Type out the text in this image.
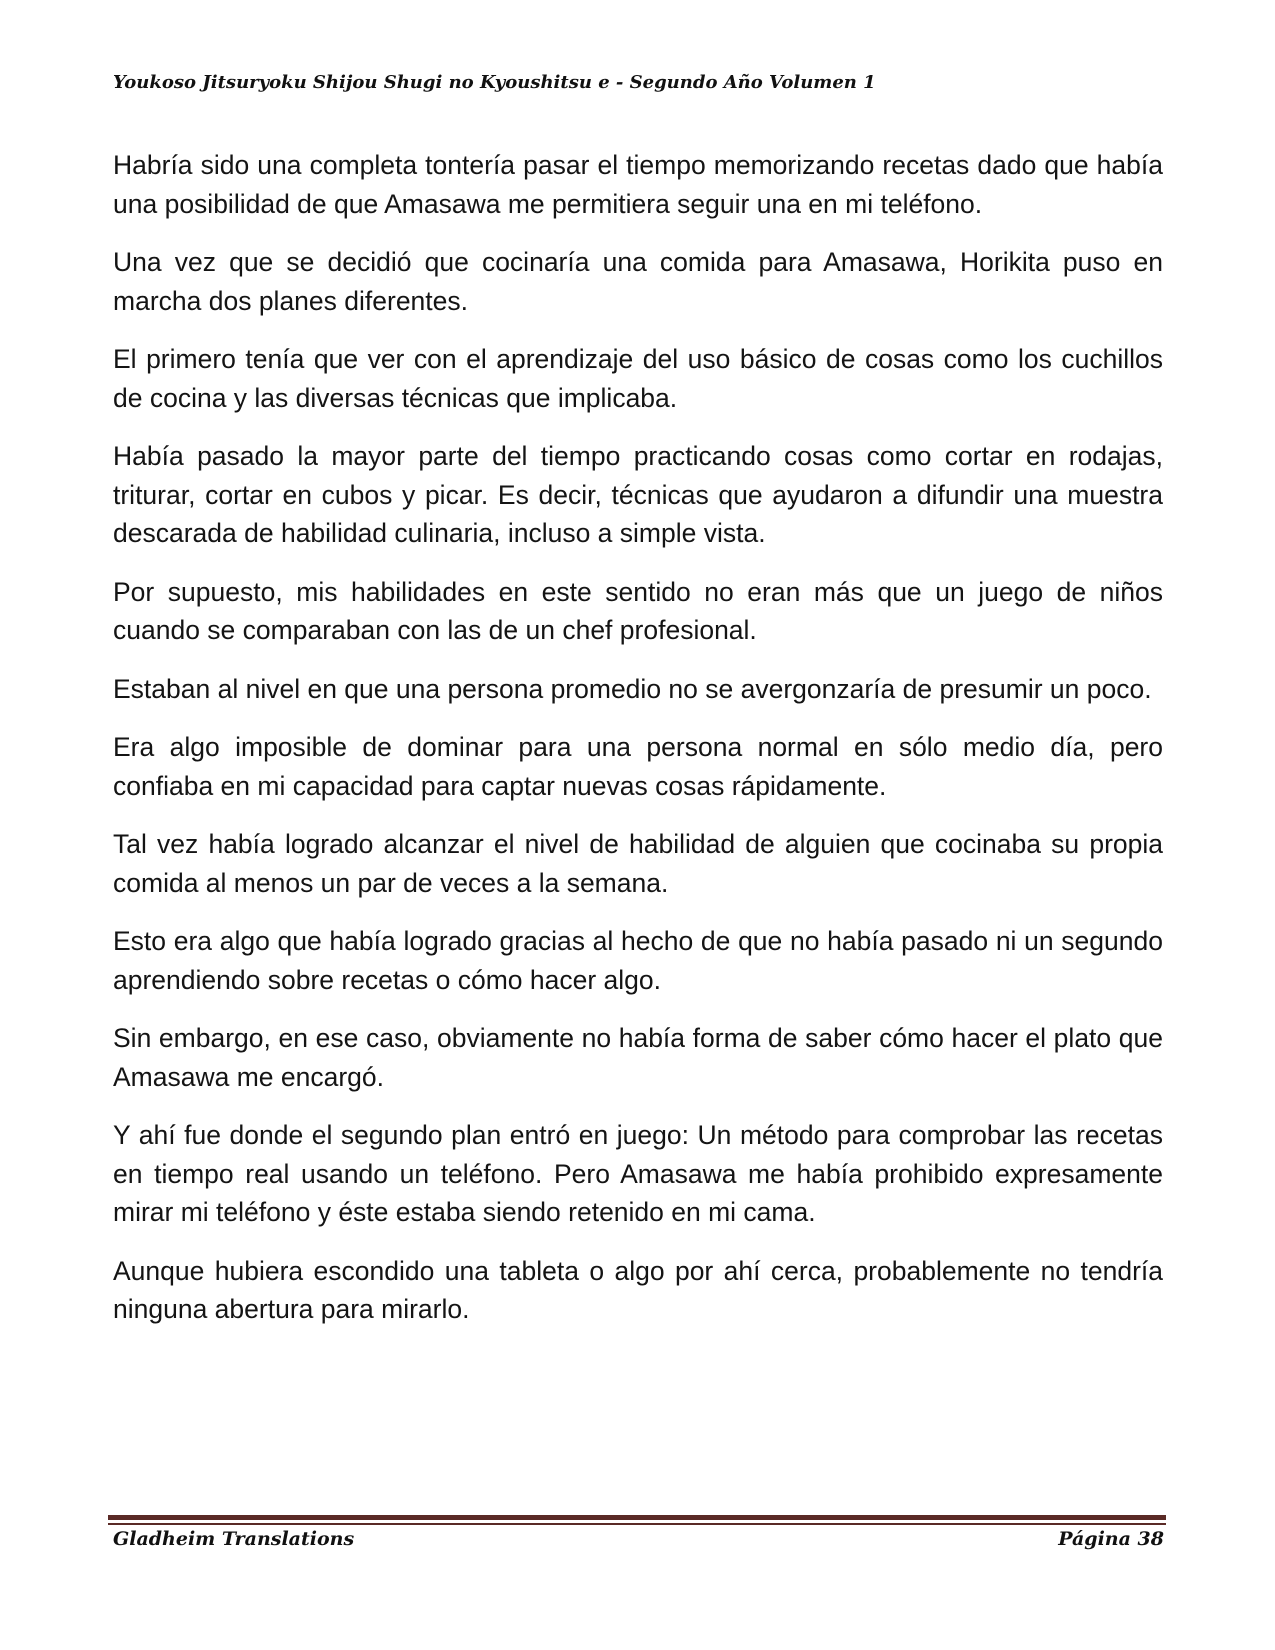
Youkoso Jitsuryoku Shijou Shugi no Kyoushitsu e - Segundo Año Volumen 1

Habría sido una completa tontería pasar el tiempo memorizando recetas dado que había una posibilidad de que Amasawa me permitiera seguir una en mi teléfono.

Una vez que se decidió que cocinaría una comida para Amasawa, Horikita puso en marcha dos planes diferentes.

El primero tenía que ver con el aprendizaje del uso básico de cosas como los cuchillos de cocina y las diversas técnicas que implicaba.

Había pasado la mayor parte del tiempo practicando cosas como cortar en rodajas, triturar, cortar en cubos y picar. Es decir, técnicas que ayudaron a difundir una muestra descarada de habilidad culinaria, incluso a simple vista.

Por supuesto, mis habilidades en este sentido no eran más que un juego de niños cuando se comparaban con las de un chef profesional.

Estaban al nivel en que una persona promedio no se avergonzaría de presumir un poco.

Era algo imposible de dominar para una persona normal en sólo medio día, pero confiaba en mi capacidad para captar nuevas cosas rápidamente.

Tal vez había logrado alcanzar el nivel de habilidad de alguien que cocinaba su propia comida al menos un par de veces a la semana.

Esto era algo que había logrado gracias al hecho de que no había pasado ni un segundo aprendiendo sobre recetas o cómo hacer algo.

Sin embargo, en ese caso, obviamente no había forma de saber cómo hacer el plato que Amasawa me encargó.

Y ahí fue donde el segundo plan entró en juego: Un método para comprobar las recetas en tiempo real usando un teléfono. Pero Amasawa me había prohibido expresamente mirar mi teléfono y éste estaba siendo retenido en mi cama.

Aunque hubiera escondido una tableta o algo por ahí cerca, probablemente no tendría ninguna abertura para mirarlo.

Gladheim Translations	Página 38
